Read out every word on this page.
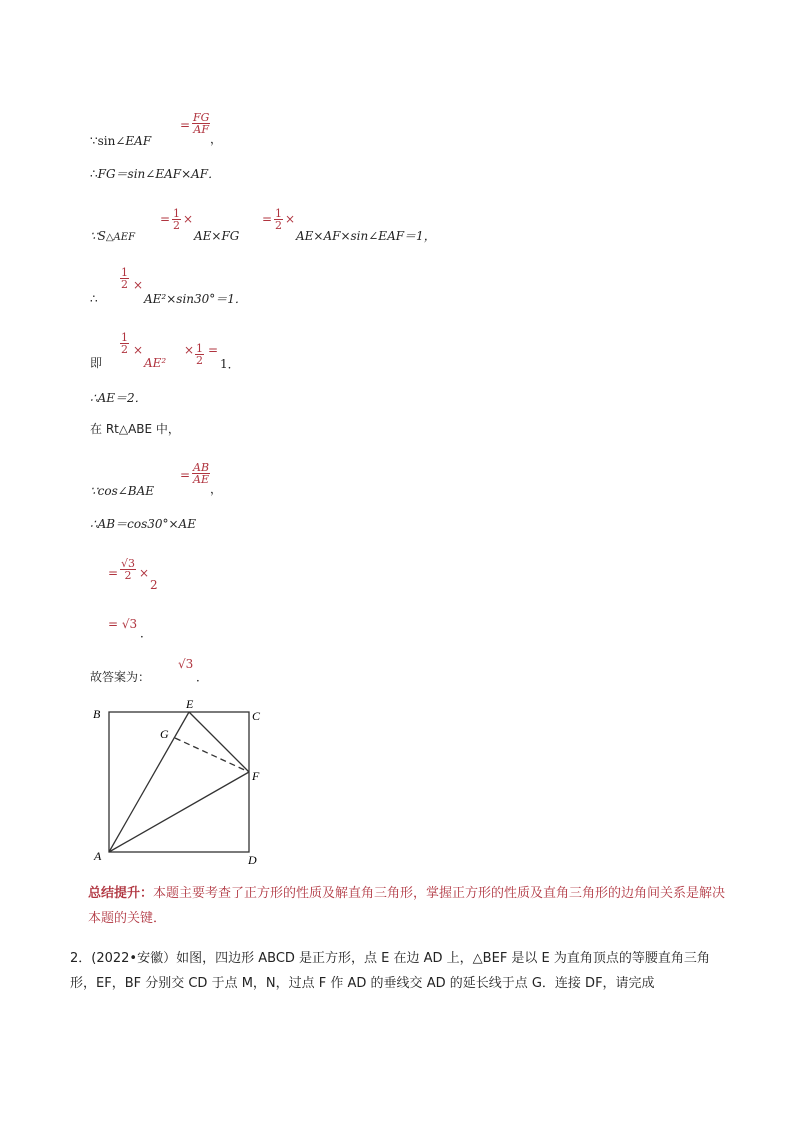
∵sin∠EAF
= $\frac{FG}{AF}$
，
∴FG＝sin∠EAF×AF．
∵S△AEF
= $\frac{1}{2}$ ×
AE×FG
= $\frac{1}{2}$ ×
AE×AF×sin∠EAF＝1，
∴
$\frac{1}{2}$ ×
AE²×sin30°＝1．
即
$\frac{1}{2}$ ×
AE²
× $\frac{1}{2}$ =
1．
∴AE＝2．
在 Rt△ABE 中，
∵cos∠BAE
= $\frac{AB}{AE}$
，
∴AB＝cos30°×AE
= $\frac{√3}{2}$ ×
2
= √3
．
故答案为：
√3
．
B
E
C
G
F
A	D
总结提升：本题主要考查了正方形的性质及解直角三角形，掌握正方形的性质及直角三角形的边角间关系是解决本题的关键．
2．(2022•安徽）如图，四边形 ABCD 是正方形，点 E 在边 AD 上，△BEF 是以 E 为直角顶点的等腰直角三角形，EF，BF 分别交 CD 于点 M，N，过点 F 作 AD 的垂线交 AD 的延长线于点 G．连接 DF，请完成
